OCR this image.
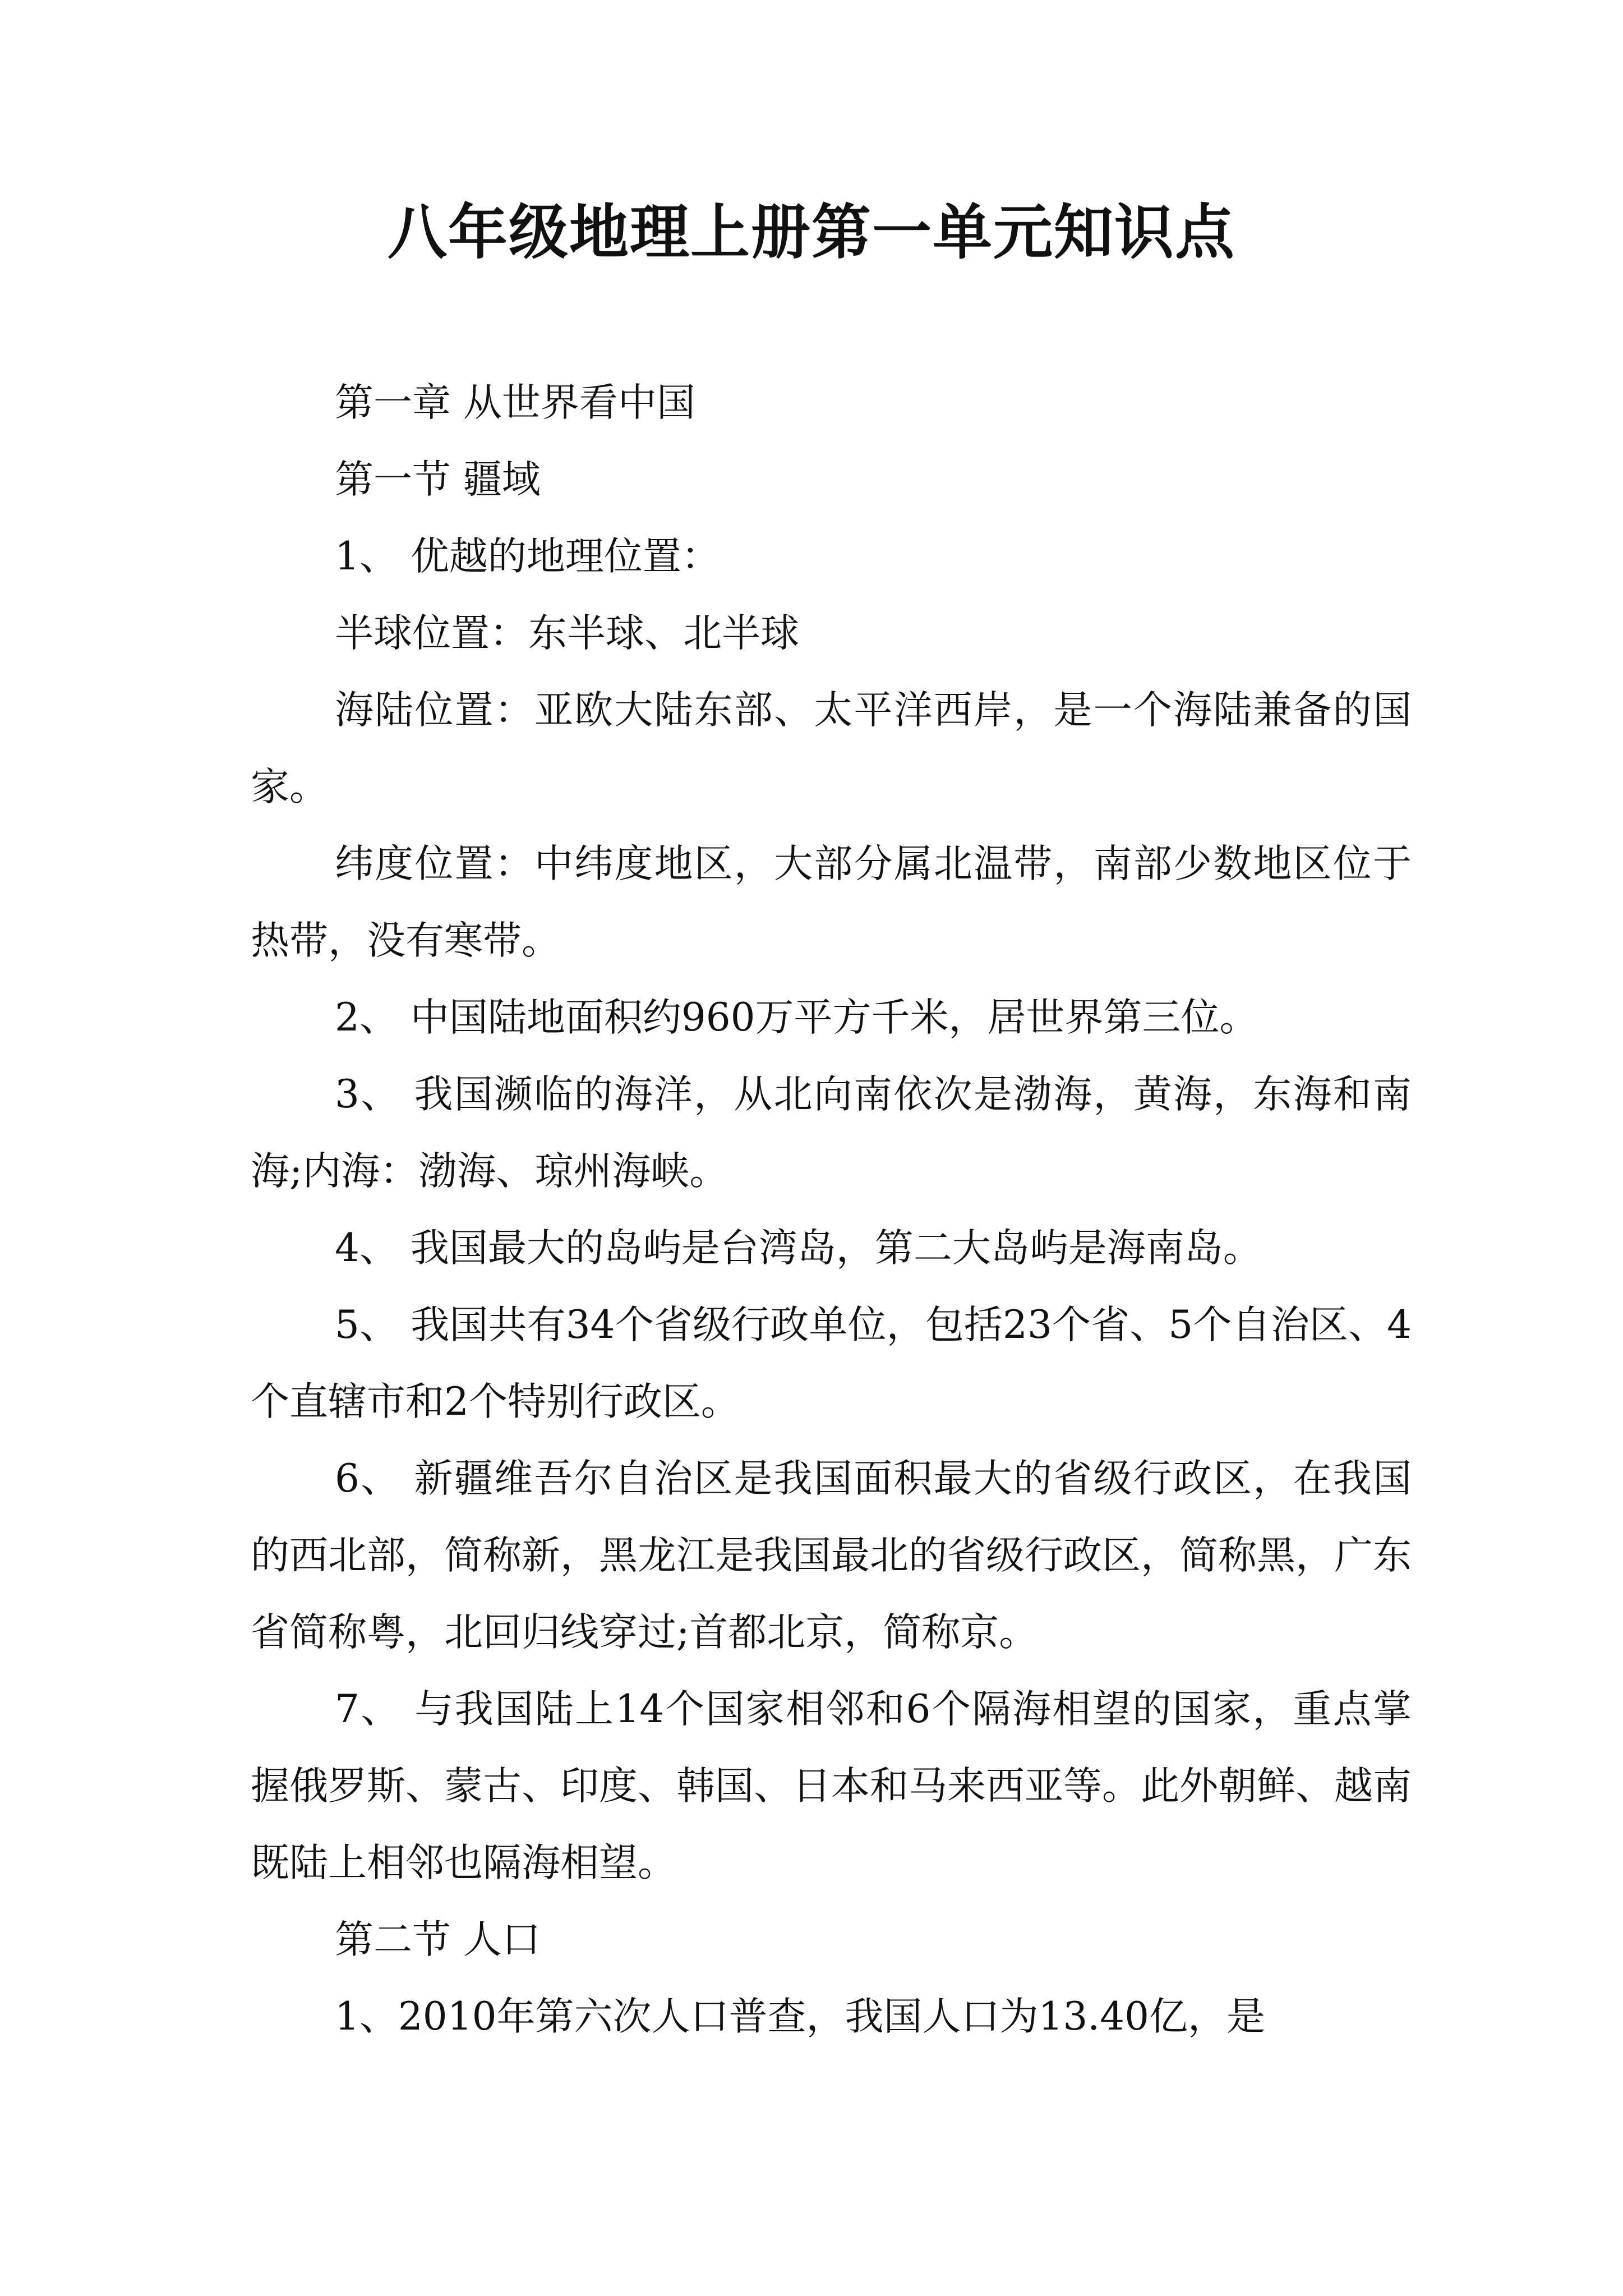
八年级地理上册第一单元知识点

第一章 从世界看中国

第一节 疆域

1、 优越的地理位置：

半球位置：东半球、北半球

海陆位置：亚欧大陆东部、太平洋西岸，是一个海陆兼备的国家。

纬度位置：中纬度地区，大部分属北温带，南部少数地区位于热带，没有寒带。

2、 中国陆地面积约960万平方千米，居世界第三位。

3、 我国濒临的海洋，从北向南依次是渤海，黄海，东海和南海;内海：渤海、琼州海峡。

4、 我国最大的岛屿是台湾岛，第二大岛屿是海南岛。

5、 我国共有34个省级行政单位，包括23个省、5个自治区、4个直辖市和2个特别行政区。

6、 新疆维吾尔自治区是我国面积最大的省级行政区，在我国的西北部，简称新，黑龙江是我国最北的省级行政区，简称黑，广东省简称粤，北回归线穿过;首都北京，简称京。

7、 与我国陆上14个国家相邻和6个隔海相望的国家，重点掌握俄罗斯、蒙古、印度、韩国、日本和马来西亚等。此外朝鲜、越南既陆上相邻也隔海相望。

第二节 人口

1、2010年第六次人口普查，我国人口为13.40亿，是
